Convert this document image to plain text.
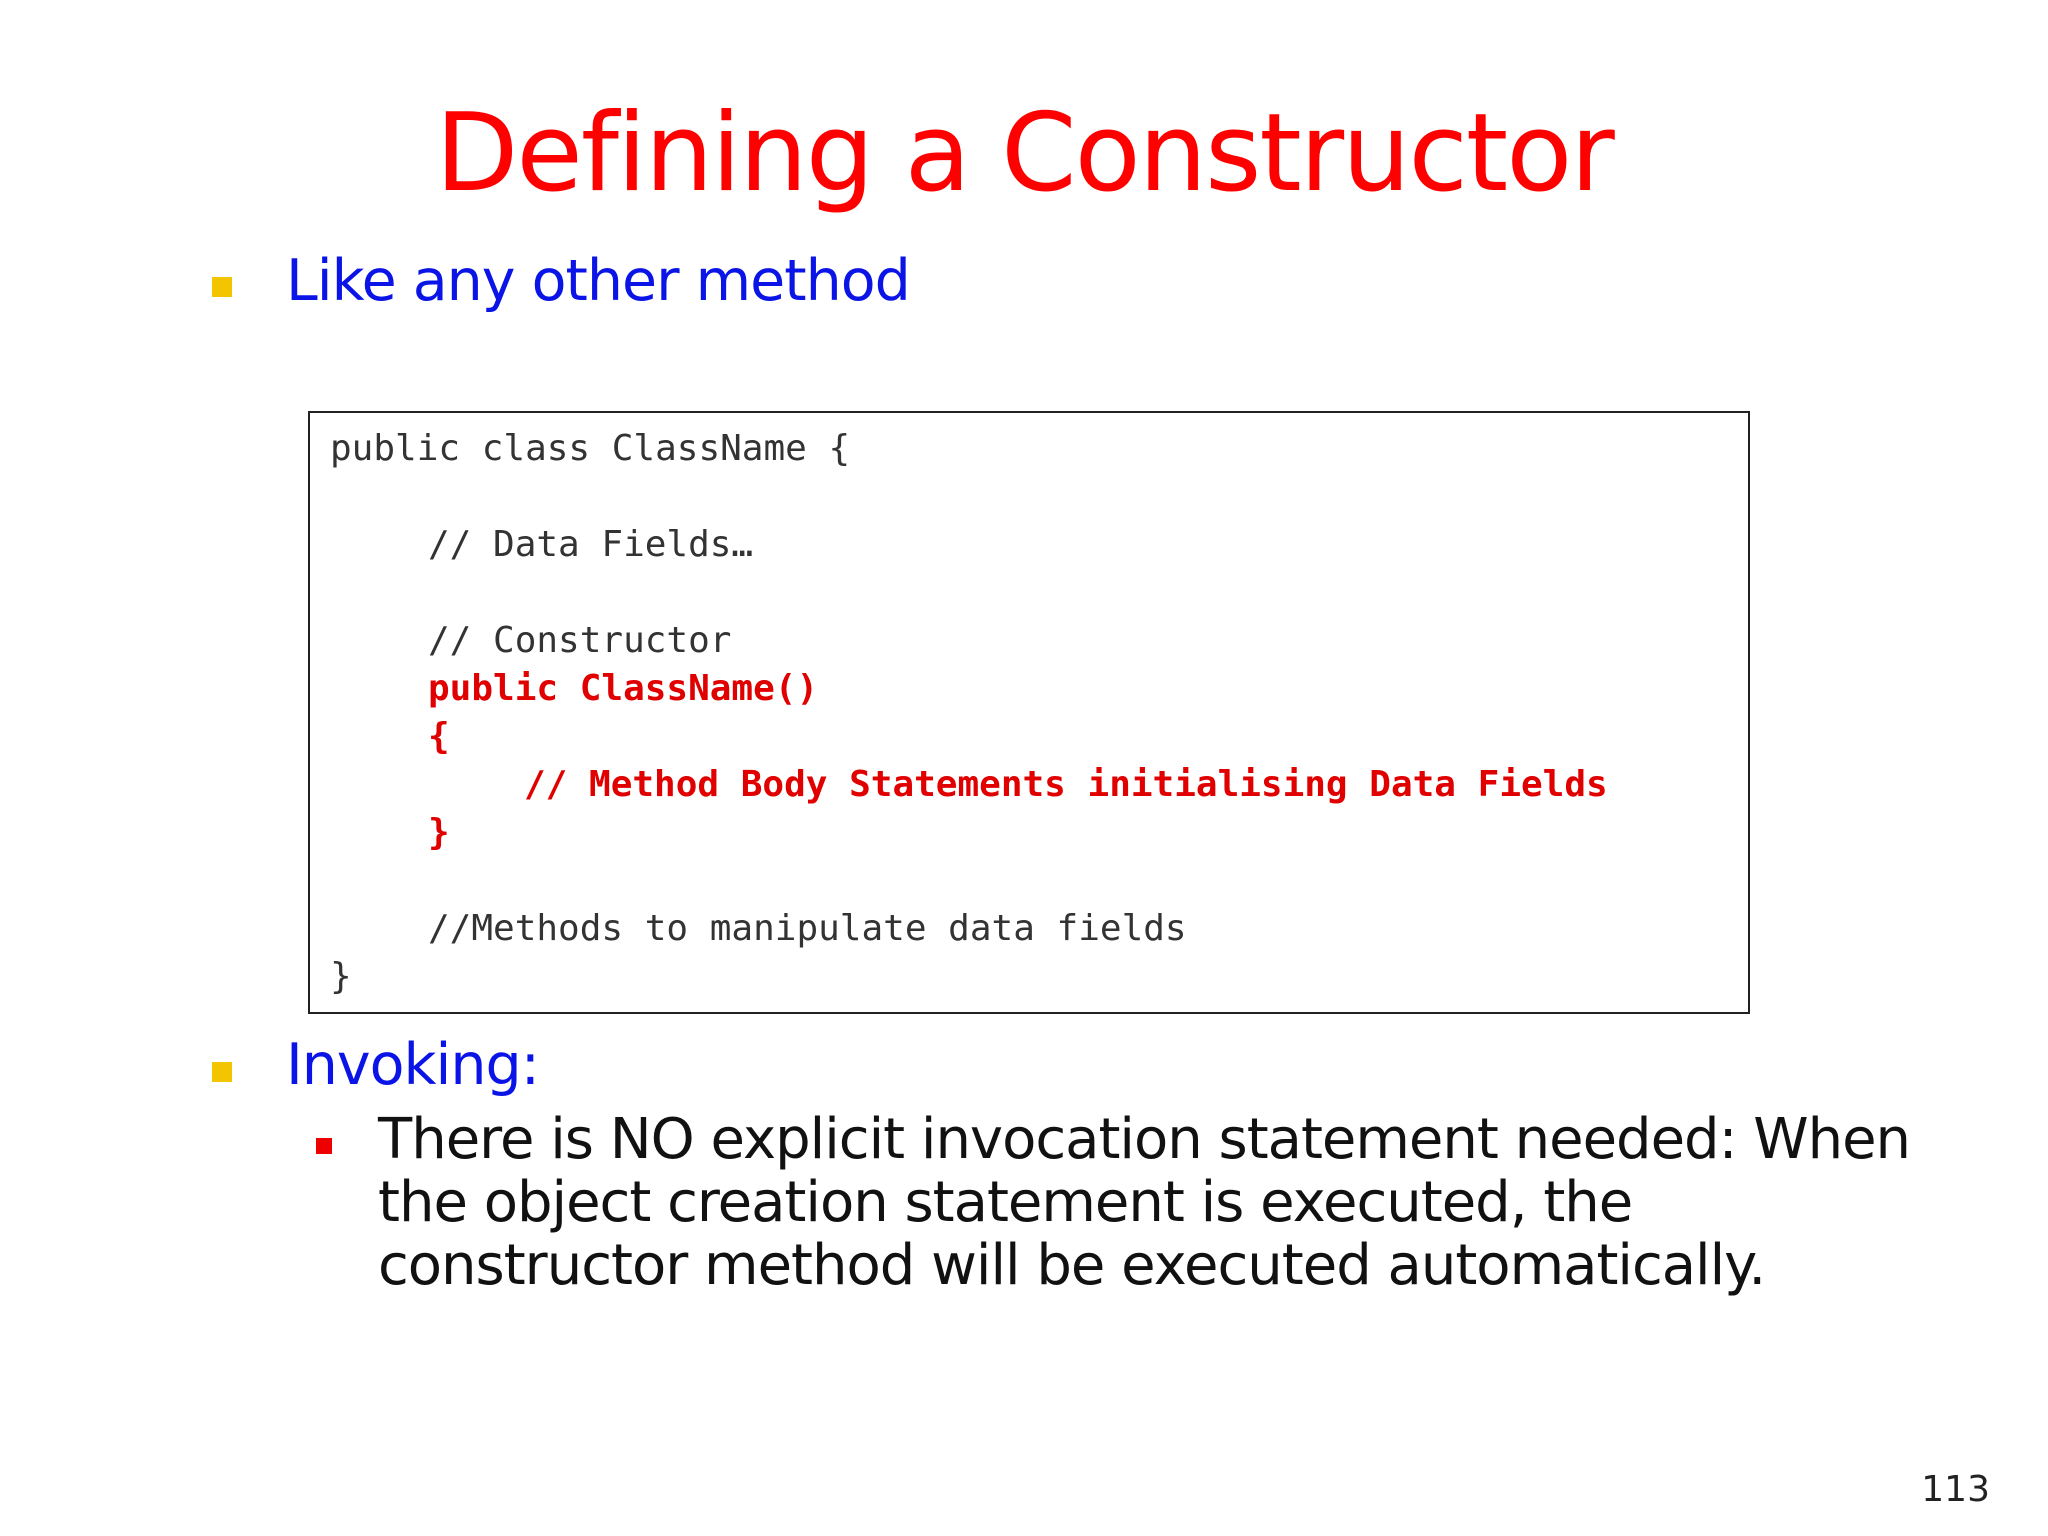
Defining a Constructor
Like any other method
public class ClassName {
// Data Fields…
// Constructor
public ClassName()
{
// Method Body Statements initialising Data Fields
}
//Methods to manipulate data fields
}
Invoking:
There is NO explicit invocation statement needed: When the object creation statement is executed, the constructor method will be executed automatically.
113
